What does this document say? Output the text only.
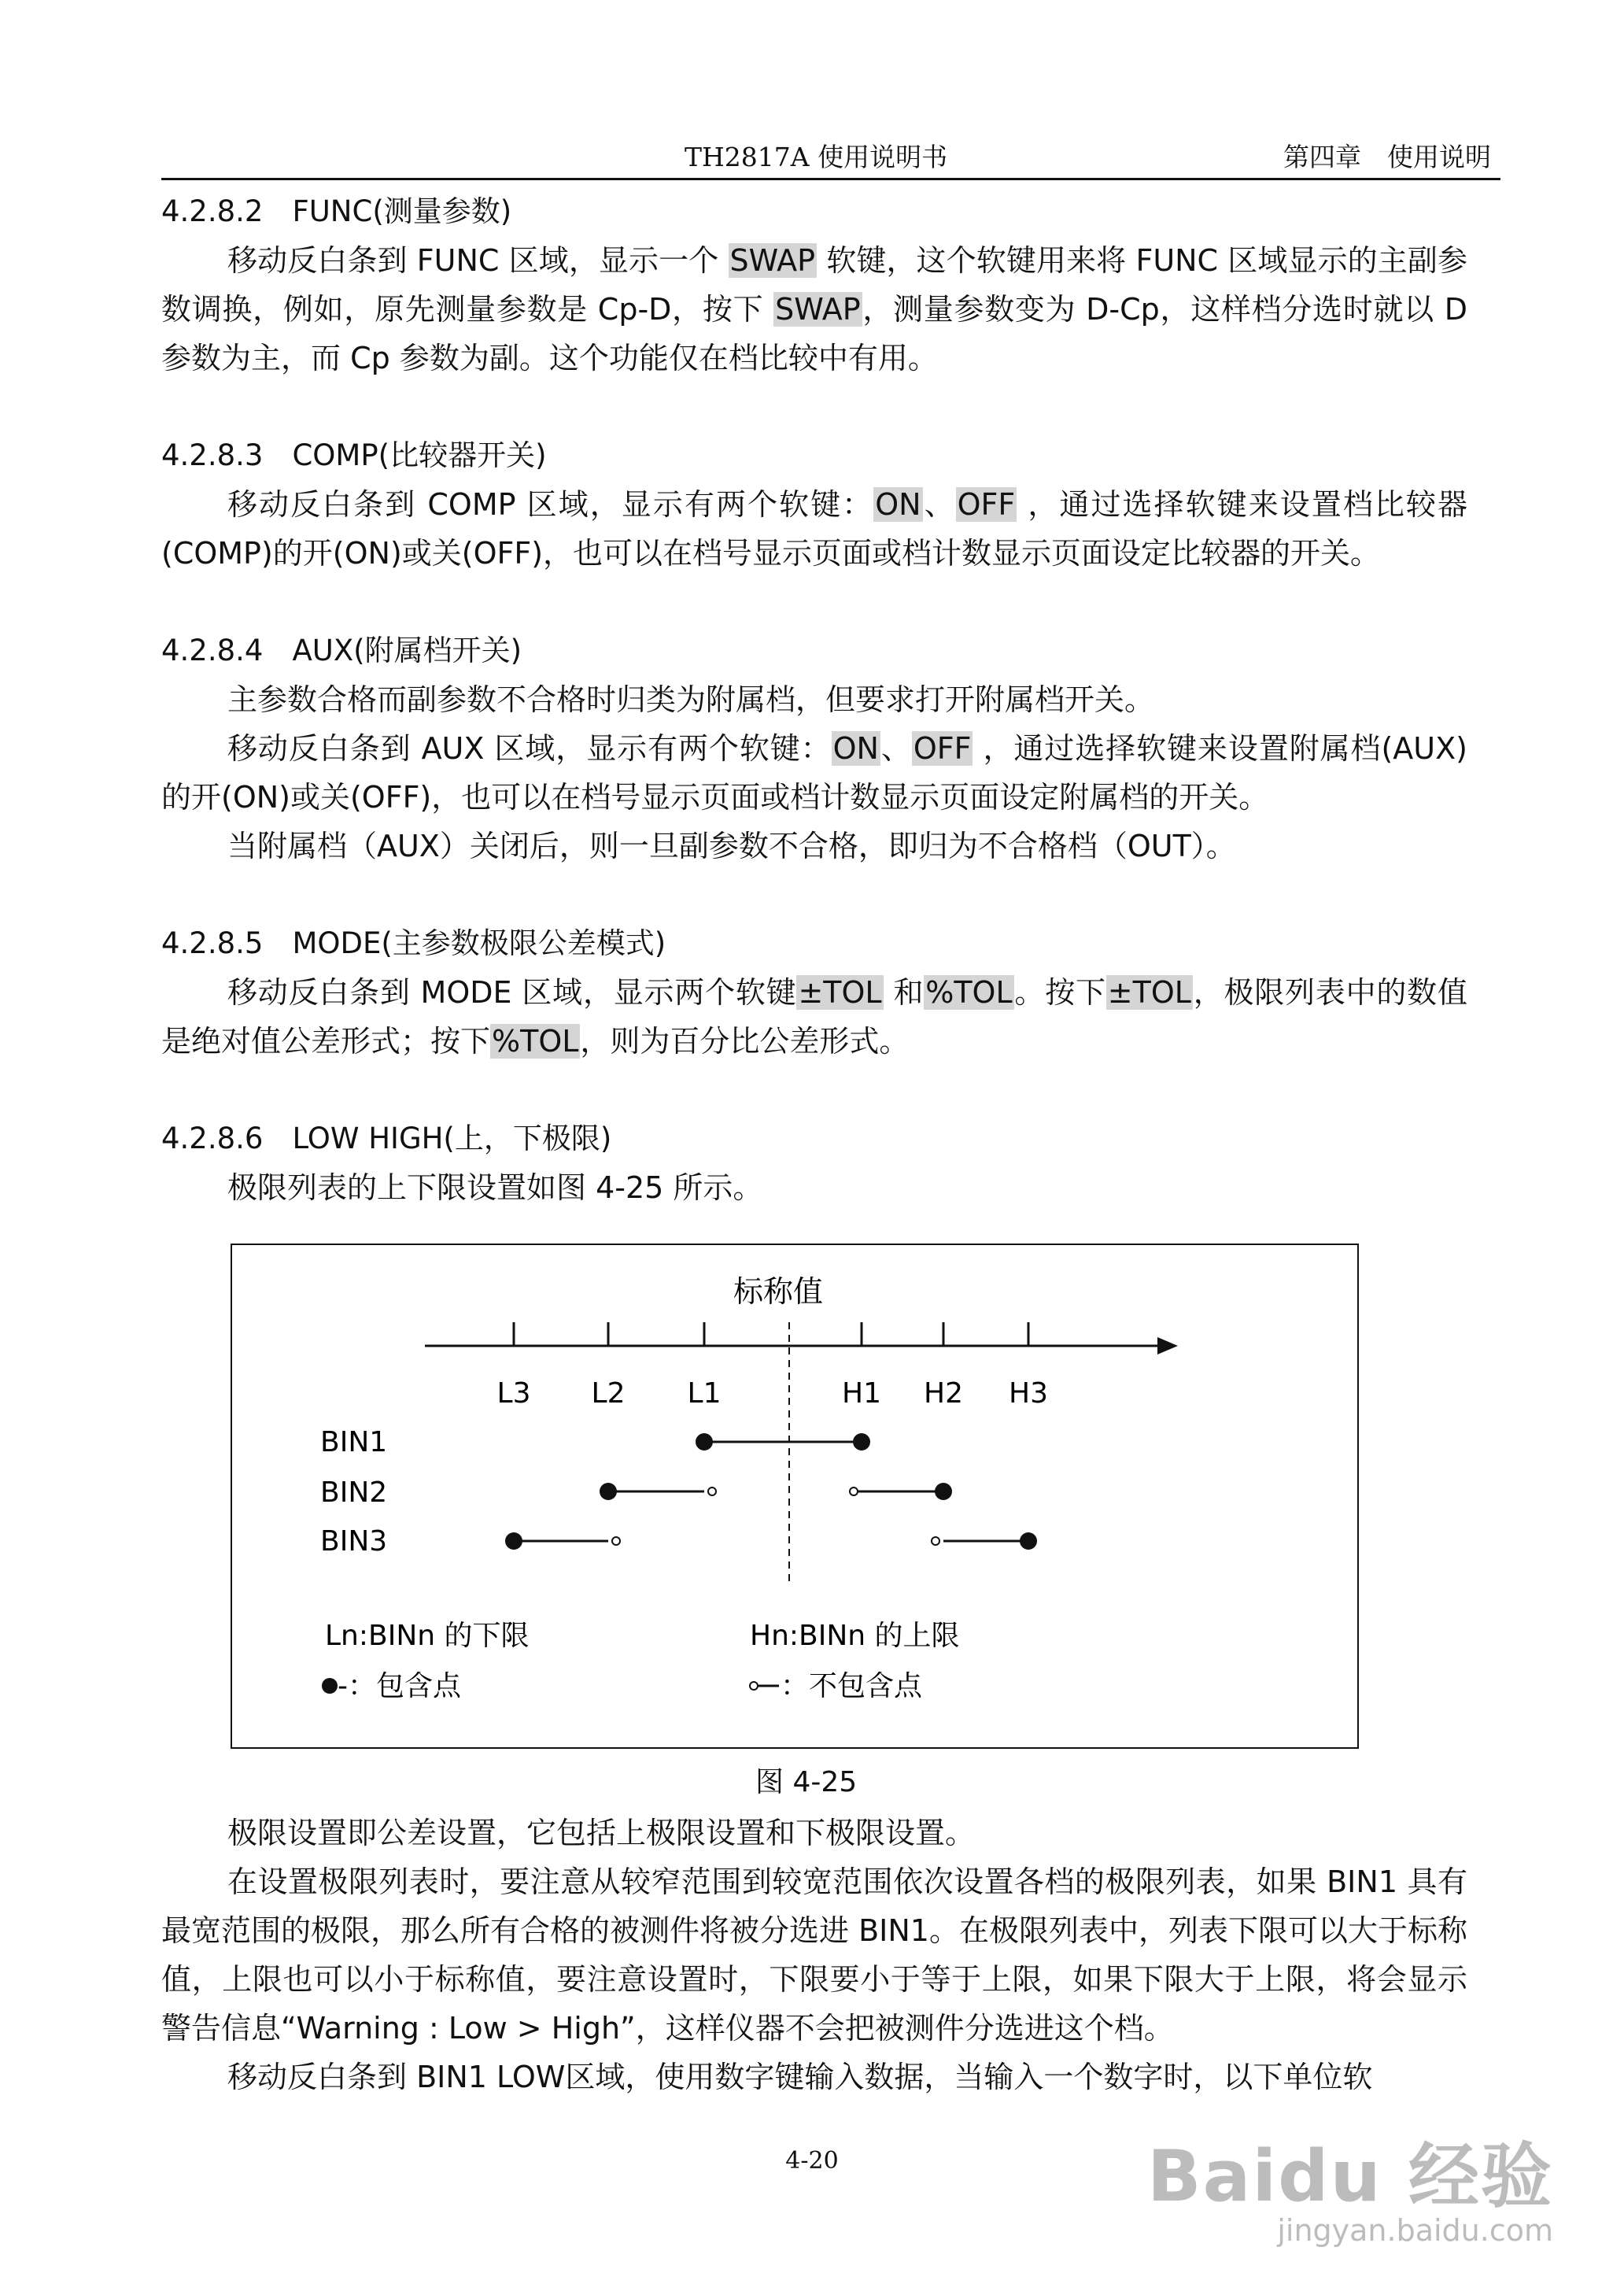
TH2817A 使用说明书	第四章　使用说明
4.2.8.2　FUNC(测量参数)

移动反白条到 FUNC 区域，显示一个 SWAP 软键，这个软键用来将 FUNC 区域显示的主副参数调换，例如，原先测量参数是 Cp-D，按下 SWAP，测量参数变为 D-Cp，这样档分选时就以 D 参数为主，而 Cp 参数为副。这个功能仅在档比较中有用。

4.2.8.3　COMP(比较器开关)

移动反白条到 COMP 区域，显示有两个软键：ON、OFF ，通过选择软键来设置档比较器(COMP)的开(ON)或关(OFF)，也可以在档号显示页面或档计数显示页面设定比较器的开关。

4.2.8.4　AUX(附属档开关)

主参数合格而副参数不合格时归类为附属档，但要求打开附属档开关。

移动反白条到 AUX 区域，显示有两个软键：ON、OFF ，通过选择软键来设置附属档(AUX)的开(ON)或关(OFF)，也可以在档号显示页面或档计数显示页面设定附属档的开关。

当附属档（AUX）关闭后，则一旦副参数不合格，即归为不合格档（OUT）。

4.2.8.5　MODE(主参数极限公差模式)

移动反白条到 MODE 区域，显示两个软键±TOL 和%TOL。按下±TOL，极限列表中的数值是绝对值公差形式；按下%TOL，则为百分比公差形式。

4.2.8.6　LOW HIGH(上，下极限)

极限列表的上下限设置如图 4-25 所示。

标称值
L3 L2 L1	H1 H2 H3
BIN1
BIN2
BIN3
Ln:BINn 的下限	Hn:BINn 的上限
-：包含点	：不包含点
图 4-25

极限设置即公差设置，它包括上极限设置和下极限设置。

在设置极限列表时，要注意从较窄范围到较宽范围依次设置各档的极限列表，如果 BIN1 具有最宽范围的极限，那么所有合格的被测件将被分选进 BIN1。在极限列表中，列表下限可以大于标称值，上限也可以小于标称值，要注意设置时，下限要小于等于上限，如果下限大于上限，将会显示警告信息“Warning : Low > High”，这样仪器不会把被测件分选进这个档。

移动反白条到 BIN1 LOW区域，使用数字键输入数据，当输入一个数字时，以下单位软

4-20	Baidu 经验
jingyan.baidu.com
